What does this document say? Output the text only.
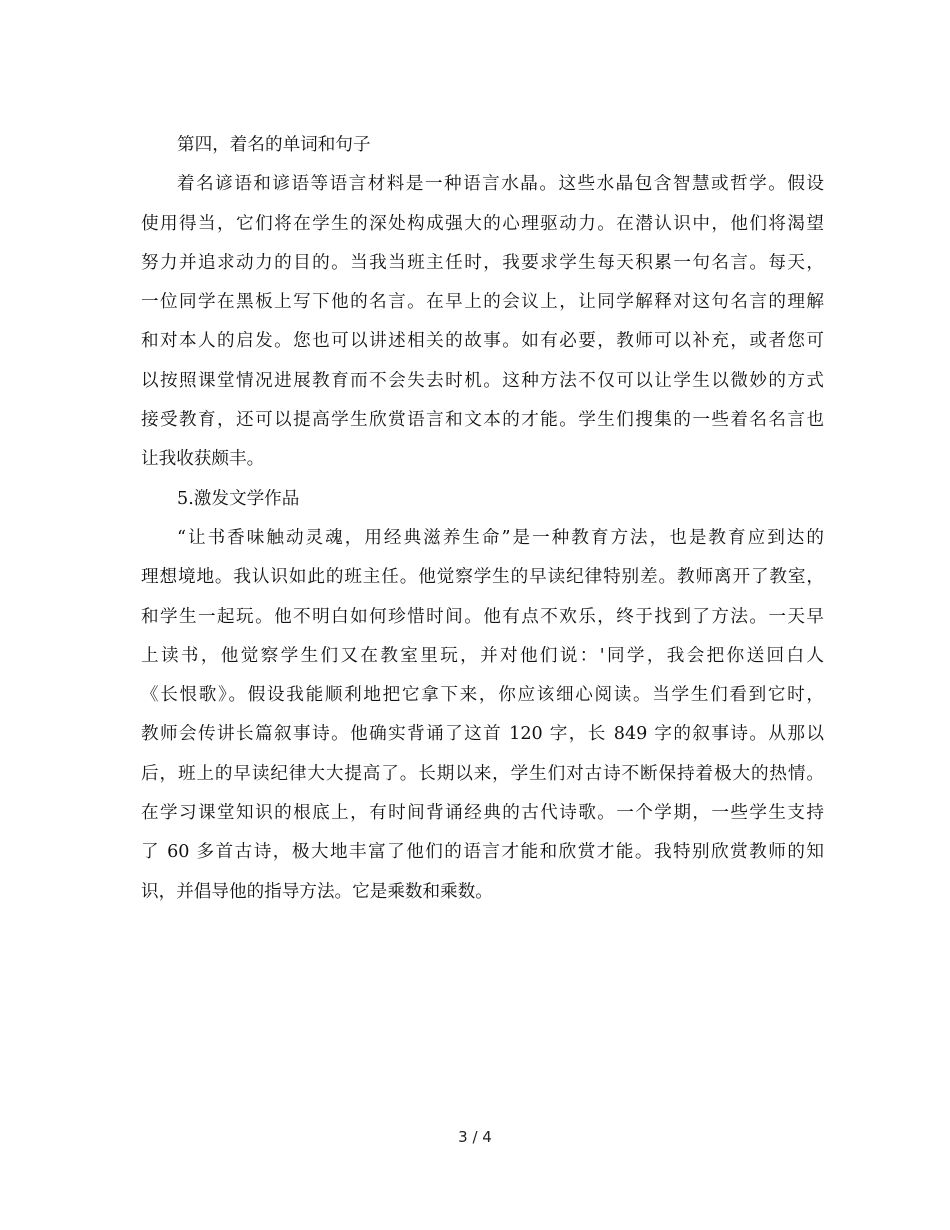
第四，着名的单词和句子
着名谚语和谚语等语言材料是一种语言水晶。这些水晶包含智慧或哲学。假设
使用得当，它们将在学生的深处构成强大的心理驱动力。在潜认识中，他们将渴望
努力并追求动力的目的。当我当班主任时，我要求学生每天积累一句名言。每天，
一位同学在黑板上写下他的名言。在早上的会议上，让同学解释对这句名言的理解
和对本人的启发。您也可以讲述相关的故事。如有必要，教师可以补充，或者您可
以按照课堂情况进展教育而不会失去时机。这种方法不仅可以让学生以微妙的方式
接受教育，还可以提高学生欣赏语言和文本的才能。学生们搜集的一些着名名言也
让我收获颇丰。
5.激发文学作品
“让书香味触动灵魂，用经典滋养生命”是一种教育方法，也是教育应到达的
理想境地。我认识如此的班主任。他觉察学生的早读纪律特别差。教师离开了教室，
和学生一起玩。他不明白如何珍惜时间。他有点不欢乐，终于找到了方法。一天早
上读书，他觉察学生们又在教室里玩，并对他们说：'同学，我会把你送回白人
《长恨歌》。假设我能顺利地把它拿下来，你应该细心阅读。当学生们看到它时，
教师会传讲长篇叙事诗。他确实背诵了这首 120 字，长 849 字的叙事诗。从那以
后，班上的早读纪律大大提高了。长期以来，学生们对古诗不断保持着极大的热情。
在学习课堂知识的根底上，有时间背诵经典的古代诗歌。一个学期，一些学生支持
了 60 多首古诗，极大地丰富了他们的语言才能和欣赏才能。我特别欣赏教师的知
识，并倡导他的指导方法。它是乘数和乘数。
3 / 4
